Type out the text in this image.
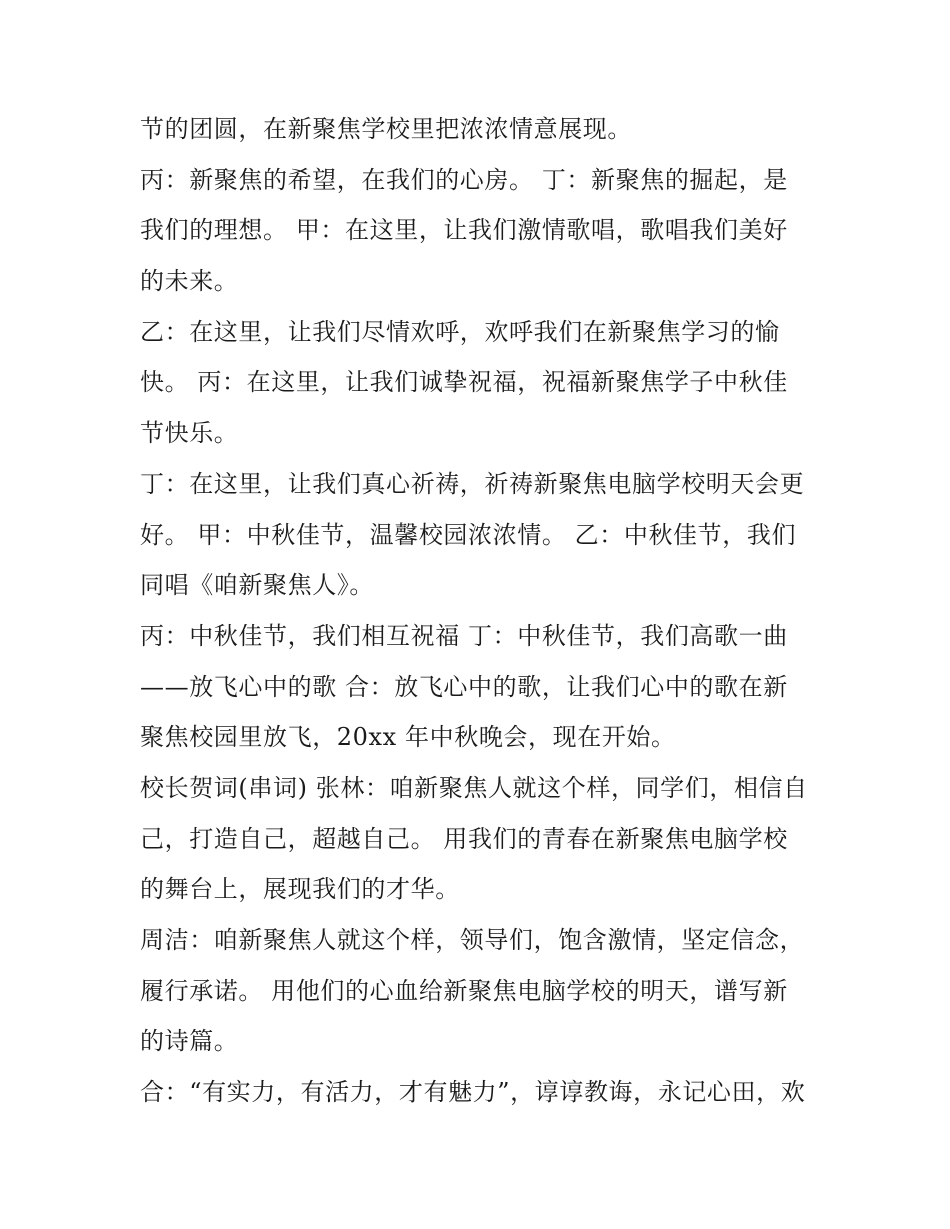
节的团圆，在新聚焦学校里把浓浓情意展现。
丙：新聚焦的希望，在我们的心房。 丁：新聚焦的掘起，是
我们的理想。 甲：在这里，让我们激情歌唱，歌唱我们美好
的未来。
乙：在这里，让我们尽情欢呼，欢呼我们在新聚焦学习的愉
快。 丙：在这里，让我们诚挚祝福，祝福新聚焦学子中秋佳
节快乐。
丁：在这里，让我们真心祈祷，祈祷新聚焦电脑学校明天会更
好。 甲：中秋佳节，温馨校园浓浓情。 乙：中秋佳节，我们
同唱《咱新聚焦人》。
丙：中秋佳节，我们相互祝福 丁：中秋佳节，我们高歌一曲
——放飞心中的歌 合：放飞心中的歌，让我们心中的歌在新
聚焦校园里放飞，20xx 年中秋晚会，现在开始。
校长贺词(串词) 张林：咱新聚焦人就这个样，同学们，相信自
己，打造自己，超越自己。 用我们的青春在新聚焦电脑学校
的舞台上，展现我们的才华。
周洁：咱新聚焦人就这个样，领导们，饱含激情，坚定信念，
履行承诺。 用他们的心血给新聚焦电脑学校的明天，谱写新
的诗篇。
合：“有实力，有活力，才有魅力”，谆谆教诲，永记心田，欢
